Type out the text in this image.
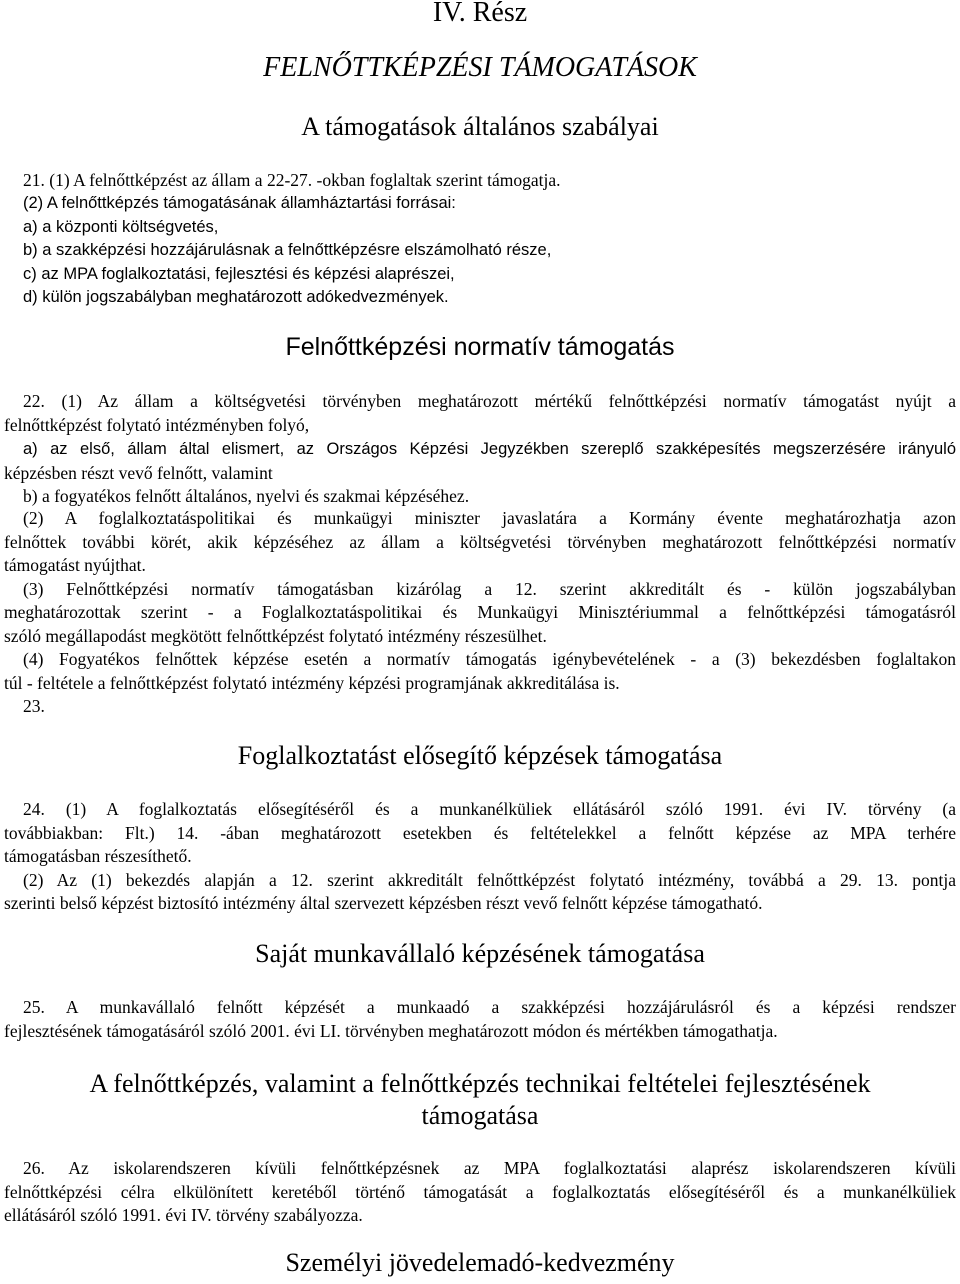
IV. Rész
FELNŐTTKÉPZÉSI TÁMOGATÁSOK
A támogatások általános szabályai
21. (1) A felnőttképzést az állam a 22-27. -okban foglaltak szerint támogatja.
(2) A felnőttképzés támogatásának államháztartási forrásai:
a) a központi költségvetés,
b) a szakképzési hozzájárulásnak a felnőttképzésre elszámolható része,
c) az MPA foglalkoztatási, fejlesztési és képzési alaprészei,
d) külön jogszabályban meghatározott adókedvezmények.
Felnőttképzési normatív támogatás
22. (1) Az állam a költségvetési törvényben meghatározott mértékű felnőttképzési normatív támogatást nyújt a
felnőttképzést folytató intézményben folyó,
a) az első, állam által elismert, az Országos Képzési Jegyzékben szereplő szakképesítés megszerzésére irányuló
képzésben részt vevő felnőtt, valamint
b) a fogyatékos felnőtt általános, nyelvi és szakmai képzéséhez.
(2) A foglalkoztatáspolitikai és munkaügyi miniszter javaslatára a Kormány évente meghatározhatja azon
felnőttek további körét, akik képzéséhez az állam a költségvetési törvényben meghatározott felnőttképzési normatív
támogatást nyújthat.
(3) Felnőttképzési normatív támogatásban kizárólag a 12. szerint akkreditált és - külön jogszabályban
meghatározottak szerint - a Foglalkoztatáspolitikai és Munkaügyi Minisztériummal a felnőttképzési támogatásról
szóló megállapodást megkötött felnőttképzést folytató intézmény részesülhet.
(4) Fogyatékos felnőttek képzése esetén a normatív támogatás igénybevételének - a (3) bekezdésben foglaltakon
túl - feltétele a felnőttképzést folytató intézmény képzési programjának akkreditálása is.
23.
Foglalkoztatást elősegítő képzések támogatása
24. (1) A foglalkoztatás elősegítéséről és a munkanélküliek ellátásáról szóló 1991. évi IV. törvény (a
továbbiakban: Flt.) 14. -ában meghatározott esetekben és feltételekkel a felnőtt képzése az MPA terhére
támogatásban részesíthető.
(2) Az (1) bekezdés alapján a 12. szerint akkreditált felnőttképzést folytató intézmény, továbbá a 29. 13. pontja
szerinti belső képzést biztosító intézmény által szervezett képzésben részt vevő felnőtt képzése támogatható.
Saját munkavállaló képzésének támogatása
25. A munkavállaló felnőtt képzését a munkaadó a szakképzési hozzájárulásról és a képzési rendszer
fejlesztésének támogatásáról szóló 2001. évi LI. törvényben meghatározott módon és mértékben támogathatja.
A felnőttképzés, valamint a felnőttképzés technikai feltételei fejlesztésének
támogatása
26. Az iskolarendszeren kívüli felnőttképzésnek az MPA foglalkoztatási alaprész iskolarendszeren kívüli
felnőttképzési célra elkülönített keretéből történő támogatását a foglalkoztatás elősegítéséről és a munkanélküliek
ellátásáról szóló 1991. évi IV. törvény szabályozza.
Személyi jövedelemadó-kedvezmény
